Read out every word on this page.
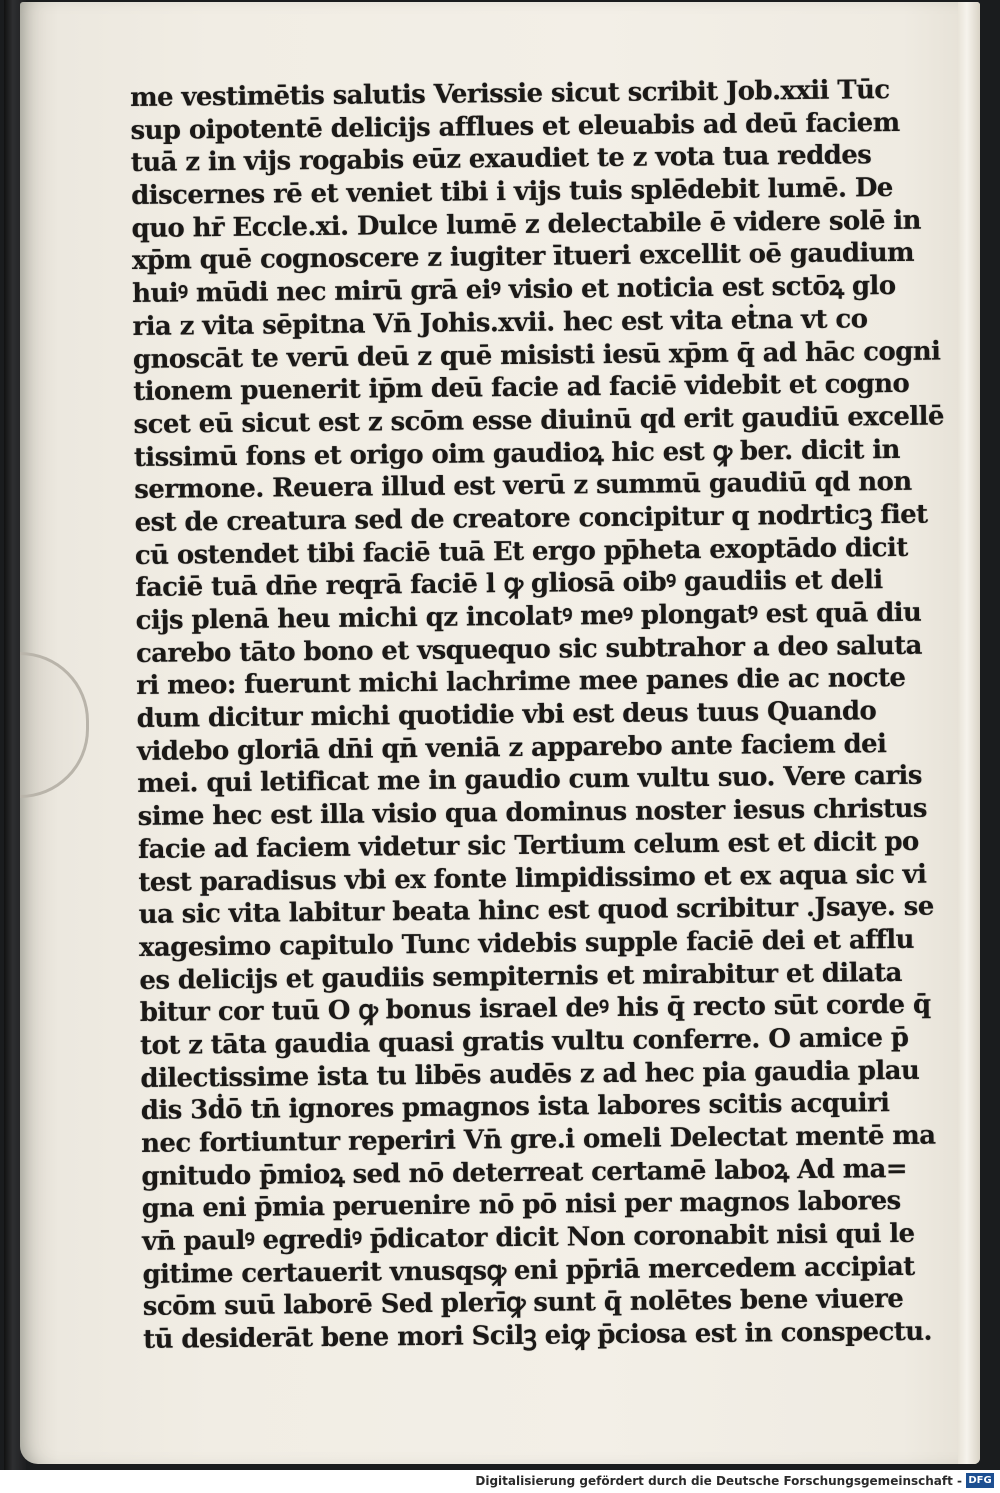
me vestimētis salutis Verissie sicut scribit Job.xxii Tūc
sup oipotentē delicijs afflues et eleuabis ad deū faciem
tuā z in vijs rogabis eūz exaudiet te z vota tua reddes
discernes rē et veniet tibi i vijs tuis splēdebit lumē. De
quo hr̄ Eccle.xi. Dulce lumē z delectabile ē videre solē in
xp̄m quē cognoscere z iugiter ītueri excellit oē gaudium
huiꝰ mūdi nec mirū grā eiꝰ visio et noticia est sctōꝝ glo
ria z vita sēpitna Vn̄ Johis.xvii. hec est vita eṫna vt co
gnoscāt te verū deū z quē misisti iesū xp̄m q̄ ad hāc cogni
tionem puenerit ip̄m deū facie ad faciē videbit et cogno
scet eū sicut est z scōm esse diuinū qd erit gaudiū excellē
tissimū fons et origo oim gaudioꝝ hic est ꝙ ber. dicit in
sermone. Reuera illud est verū z summū gaudiū qd non
est de creatura sed de creatore concipitur q nodrticꝫ fiet
cū ostendet tibi faciē tuā Et ergo pp̄heta exoptādo dicit
faciē tuā dn̄e reqrā faciē l ꝙ gliosā oibꝰ gaudiis et deli
cijs plenā heu michi qz incolatꝰ meꝰ plongatꝰ est quā diu
carebo tāto bono et vsquequo sic subtrahor a deo saluta
ri meo: fuerunt michi lachrime mee panes die ac nocte
dum dicitur michi quotidie vbi est deus tuus Quando
videbo gloriā dn̄i qn̄ veniā z apparebo ante faciem dei
mei. qui letificat me in gaudio cum vultu suo. Vere caris
sime hec est illa visio qua dominus noster iesus christus
facie ad faciem videtur sic Tertium celum est et dicit po
test paradisus vbi ex fonte limpidissimo et ex aqua sic vi
ua sic vita labitur beata hinc est quod scribitur .Jsaye. se
xagesimo capitulo Tunc videbis supple faciē dei et afflu
es delicijs et gaudiis sempiternis et mirabitur et dilata
bitur cor tuū O ꝙ bonus israel deꝰ his q̄ recto sūt corde q̄
tot z tāta gaudia quasi gratis vultu conferre. O amice p̄
dilectissime ista tu libēs audēs z ad hec pia gaudia plau
dis 3ḋō tn̄ ignores pmagnos ista labores scitis acquiri
nec fortiuntur reperiri Vn̄ gre.i omeli Delectat mentē ma
gnitudo p̄mioꝝ sed nō deterreat certamē laboꝝ Ad ma=
gna eni p̄mia peruenire nō pō nisi per magnos labores
vn̄ paulꝰ egrediꝰ p̄dicator dicit Non coronabit nisi qui le
gitime certauerit vnusqsꝙ eni pp̄riā mercedem accipiat
scōm suū laborē Sed plerīꝙ sunt q̄ nolētes bene viuere
tū desiderāt bene mori Scilꝫ eiꝙ p̄ciosa est in conspectu.
Digitalisierung gefördert durch die Deutsche Forschungsgemeinschaft - DFG
